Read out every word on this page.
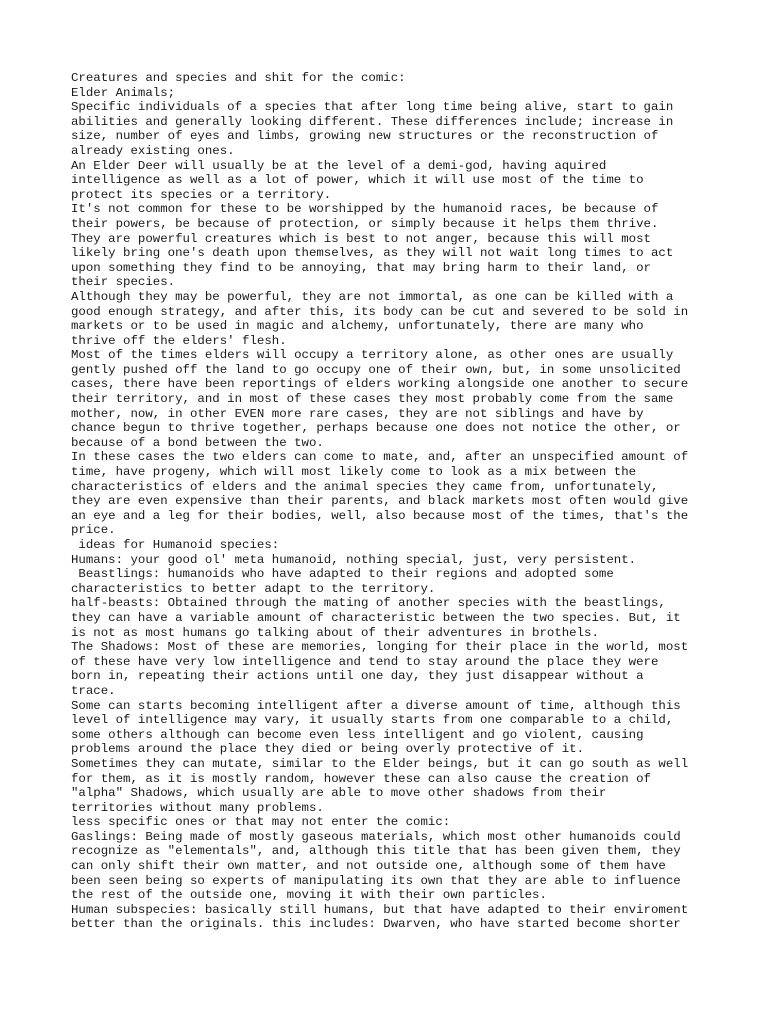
Creatures and species and shit for the comic:
Elder Animals;
Specific individuals of a species that after long time being alive, start to gain
abilities and generally looking different. These differences include; increase in
size, number of eyes and limbs, growing new structures or the reconstruction of
already existing ones.
An Elder Deer will usually be at the level of a demi-god, having aquired
intelligence as well as a lot of power, which it will use most of the time to
protect its species or a territory.
It's not common for these to be worshipped by the humanoid races, be because of
their powers, be because of protection, or simply because it helps them thrive.
They are powerful creatures which is best to not anger, because this will most
likely bring one's death upon themselves, as they will not wait long times to act
upon something they find to be annoying, that may bring harm to their land, or
their species.
Although they may be powerful, they are not immortal, as one can be killed with a
good enough strategy, and after this, its body can be cut and severed to be sold in
markets or to be used in magic and alchemy, unfortunately, there are many who
thrive off the elders' flesh.
Most of the times elders will occupy a territory alone, as other ones are usually
gently pushed off the land to go occupy one of their own, but, in some unsolicited
cases, there have been reportings of elders working alongside one another to secure
their territory, and in most of these cases they most probably come from the same
mother, now, in other EVEN more rare cases, they are not siblings and have by
chance begun to thrive together, perhaps because one does not notice the other, or
because of a bond between the two.
In these cases the two elders can come to mate, and, after an unspecified amount of
time, have progeny, which will most likely come to look as a mix between the
characteristics of elders and the animal species they came from, unfortunately,
they are even expensive than their parents, and black markets most often would give
an eye and a leg for their bodies, well, also because most of the times, that's the
price.
ideas for Humanoid species:
Humans: your good ol' meta humanoid, nothing special, just, very persistent.
Beastlings: humanoids who have adapted to their regions and adopted some
characteristics to better adapt to the territory.
half-beasts: Obtained through the mating of another species with the beastlings,
they can have a variable amount of characteristic between the two species. But, it
is not as most humans go talking about of their adventures in brothels.
The Shadows: Most of these are memories, longing for their place in the world, most
of these have very low intelligence and tend to stay around the place they were
born in, repeating their actions until one day, they just disappear without a
trace.
Some can starts becoming intelligent after a diverse amount of time, although this
level of intelligence may vary, it usually starts from one comparable to a child,
some others although can become even less intelligent and go violent, causing
problems around the place they died or being overly protective of it.
Sometimes they can mutate, similar to the Elder beings, but it can go south as well
for them, as it is mostly random, however these can also cause the creation of
"alpha" Shadows, which usually are able to move other shadows from their
territories without many problems.
less specific ones or that may not enter the comic:
Gaslings: Being made of mostly gaseous materials, which most other humanoids could
recognize as "elementals", and, although this title that has been given them, they
can only shift their own matter, and not outside one, although some of them have
been seen being so experts of manipulating its own that they are able to influence
the rest of the outside one, moving it with their own particles.
Human subspecies: basically still humans, but that have adapted to their enviroment
better than the originals. this includes: Dwarven, who have started become shorter
